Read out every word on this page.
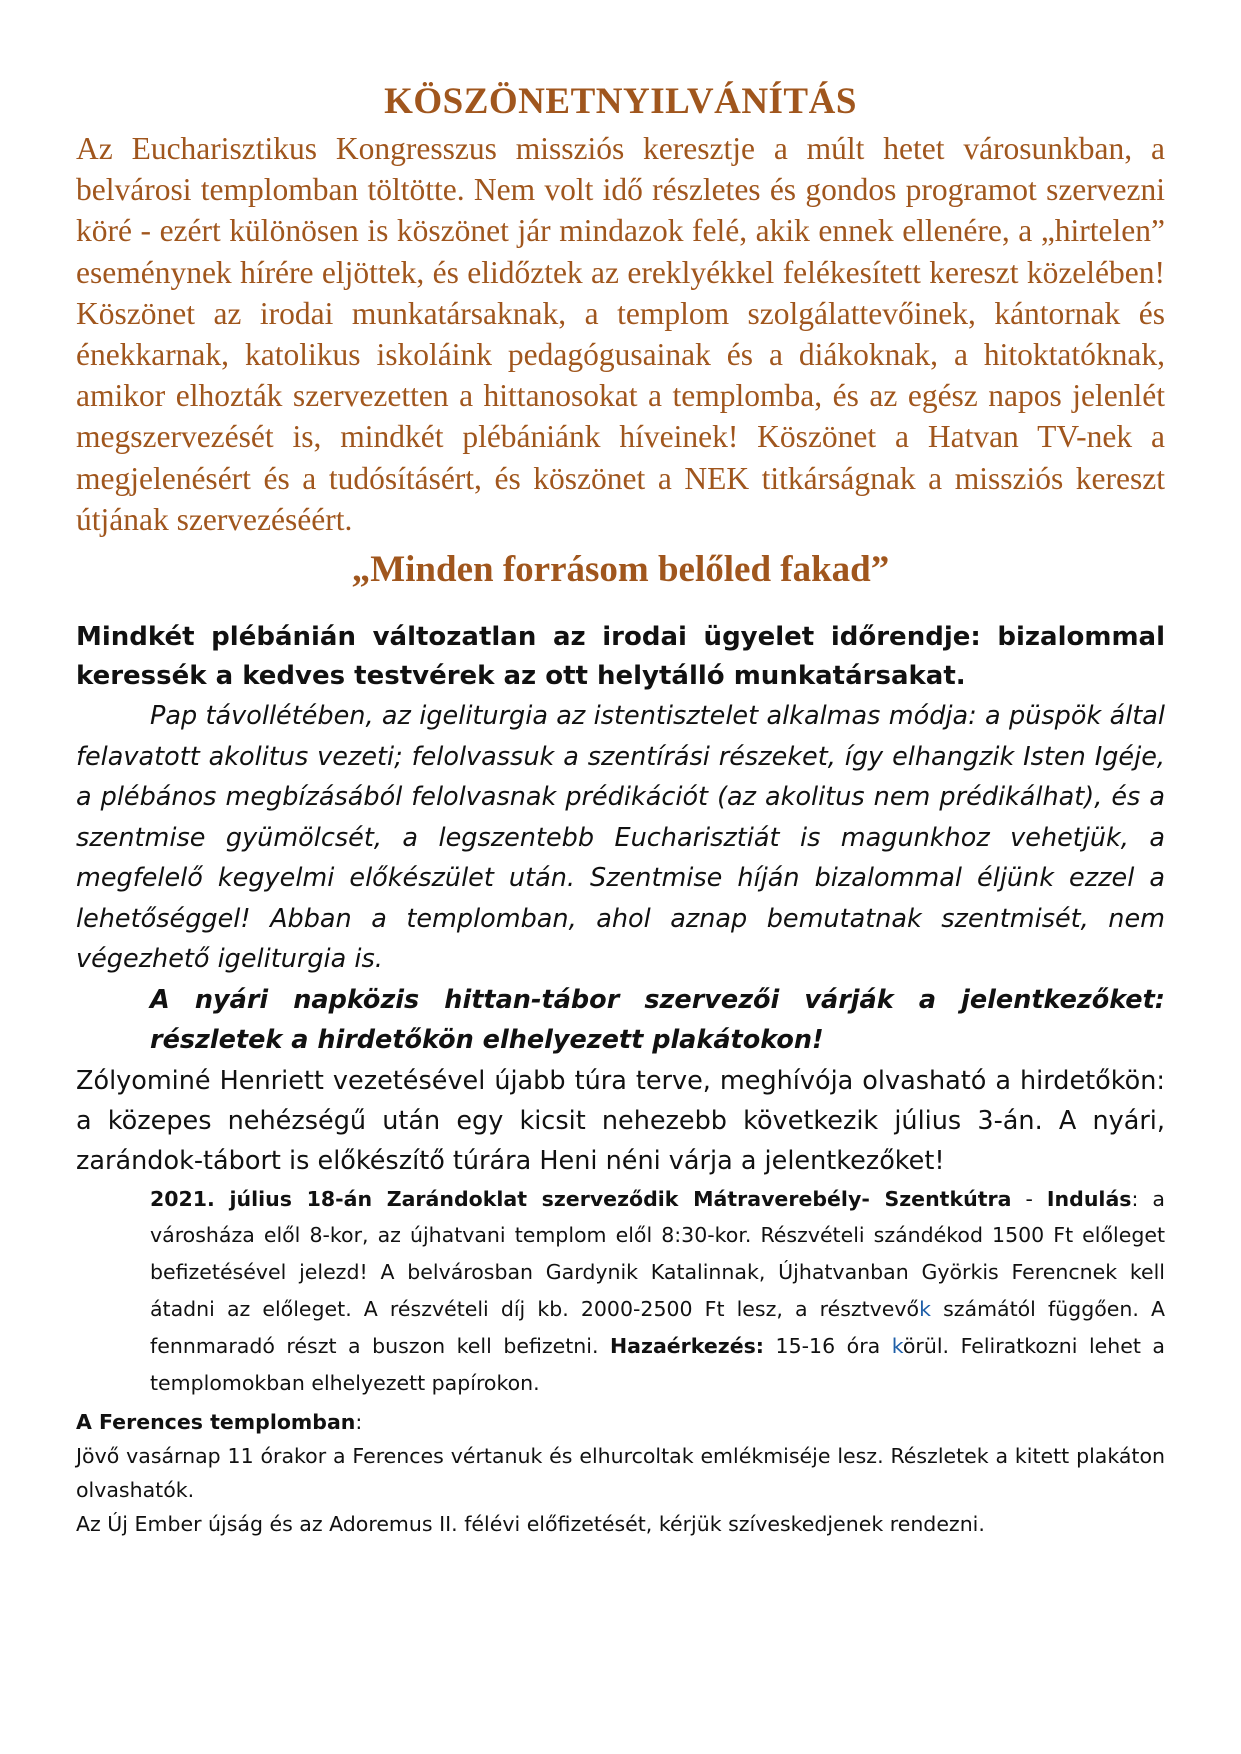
KÖSZÖNETNYILVÁNÍTÁS

Az Eucharisztikus Kongresszus missziós keresztje a múlt hetet városunkban, a belvárosi templomban töltötte. Nem volt idő részletes és gondos programot szervezni köré - ezért különösen is köszönet jár mindazok felé, akik ennek ellenére, a „hirtelen” eseménynek hírére eljöttek, és elidőztek az ereklyékkel felékesített kereszt közelében! Köszönet az irodai munkatársaknak, a templom szolgálattevőinek, kántornak és énekkarnak, katolikus iskoláink pedagógusainak és a diákoknak, a hitoktatóknak, amikor elhozták szervezetten a hittanosokat a templomba, és az egész napos jelenlét megszervezését is, mindkét plébániánk híveinek! Köszönet a Hatvan TV-nek a megjelenésért és a tudósításért, és köszönet a NEK titkárságnak a missziós kereszt útjának szervezéséért.

„Minden forrásom belőled fakad”

Mindkét plébánián változatlan az irodai ügyelet időrendje: bizalommal keressék a kedves testvérek az ott helytálló munkatársakat.

Pap távollétében, az igeliturgia az istentisztelet alkalmas módja: a püspök által felavatott akolitus vezeti; felolvassuk a szentírási részeket, így elhangzik Isten Igéje, a plébános megbízásából felolvasnak prédikációt (az akolitus nem prédikálhat), és a szentmise gyümölcsét, a legszentebb Eucharisztiát is magunkhoz vehetjük, a megfelelő kegyelmi előkészület után. Szentmise híján bizalommal éljünk ezzel a lehetőséggel! Abban a templomban, ahol aznap bemutatnak szentmisét, nem végezhető igeliturgia is.

A nyári napközis hittan-tábor szervezői várják a jelentkezőket: részletek a hirdetőkön elhelyezett plakátokon!

Zólyominé Henriett vezetésével újabb túra terve, meghívója olvasható a hirdetőkön: a közepes nehézségű után egy kicsit nehezebb következik július 3-án. A nyári, zarándok-tábort is előkészítő túrára Heni néni várja a jelentkezőket!

2021. július 18-án Zarándoklat szerveződik Mátraverebély- Szentkútra - Indulás: a városháza elől 8-kor, az újhatvani templom elől 8:30-kor. Részvételi szándékod 1500 Ft előleget befizetésével jelezd! A belvárosban Gardynik Katalinnak, Újhatvanban Györkis Ferencnek kell átadni az előleget. A részvételi díj kb. 2000-2500 Ft lesz, a résztvevők számától függően. A fennmaradó részt a buszon kell befizetni. Hazaérkezés: 15-16 óra körül. Feliratkozni lehet a templomokban elhelyezett papírokon.

A Ferences templomban:

Jövő vasárnap 11 órakor a Ferences vértanuk és elhurcoltak emlékmiséje lesz. Részletek a kitett plakáton olvashatók.

Az Új Ember újság és az Adoremus II. félévi előfizetését, kérjük szíveskedjenek rendezni.
